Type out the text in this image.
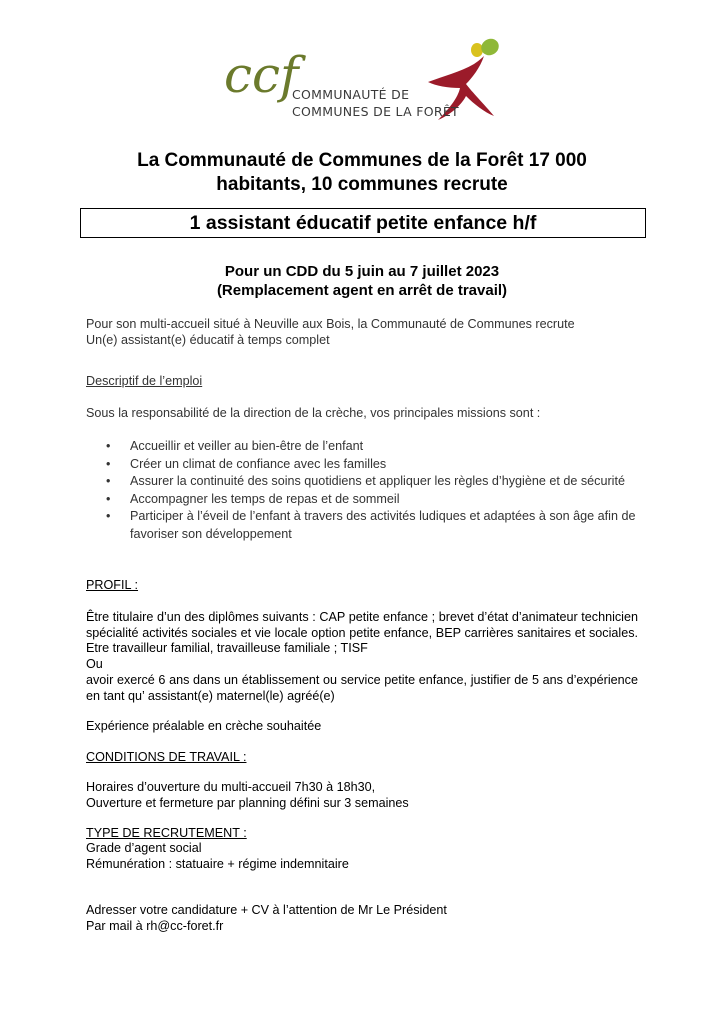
ccf
COMMUNAUTÉ DE
COMMUNES DE LA FORÊT
La Communauté de Communes de la Forêt 17 000
habitants, 10 communes recrute
1 assistant éducatif petite enfance h/f
Pour un CDD du 5 juin au 7 juillet 2023
(Remplacement agent en arrêt de travail)
Pour son multi-accueil situé à Neuville aux Bois, la Communauté de Communes recrute
Un(e) assistant(e) éducatif à temps complet
Descriptif de l’emploi
Sous la responsabilité de la direction de la crèche, vos principales missions sont :
• Accueillir et veiller au bien-être de l’enfant
• Créer un climat de confiance avec les familles
• Assurer la continuité des soins quotidiens et appliquer les règles d’hygiène et de sécurité
• Accompagner les temps de repas et de sommeil
• Participer à l’éveil de l’enfant à travers des activités ludiques et adaptées à son âge afin de favoriser son développement
PROFIL :
Être titulaire d’un des diplômes suivants : CAP petite enfance ; brevet d’état d’animateur technicien spécialité activités sociales et vie locale option petite enfance, BEP carrières sanitaires et sociales. Etre travailleur familial, travailleuse familiale ; TISF
Ou
avoir exercé 6 ans dans un établissement ou service petite enfance, justifier de 5 ans d’expérience en tant qu’ assistant(e) maternel(le) agréé(e)
Expérience préalable en crèche souhaitée
CONDITIONS DE TRAVAIL :
Horaires d’ouverture du multi-accueil 7h30 à 18h30,
Ouverture et fermeture par planning défini sur 3 semaines
TYPE DE RECRUTEMENT :
Grade d’agent social
Rémunération : statuaire + régime indemnitaire
Adresser votre candidature + CV à l’attention de Mr Le Président
Par mail à rh@cc-foret.fr
